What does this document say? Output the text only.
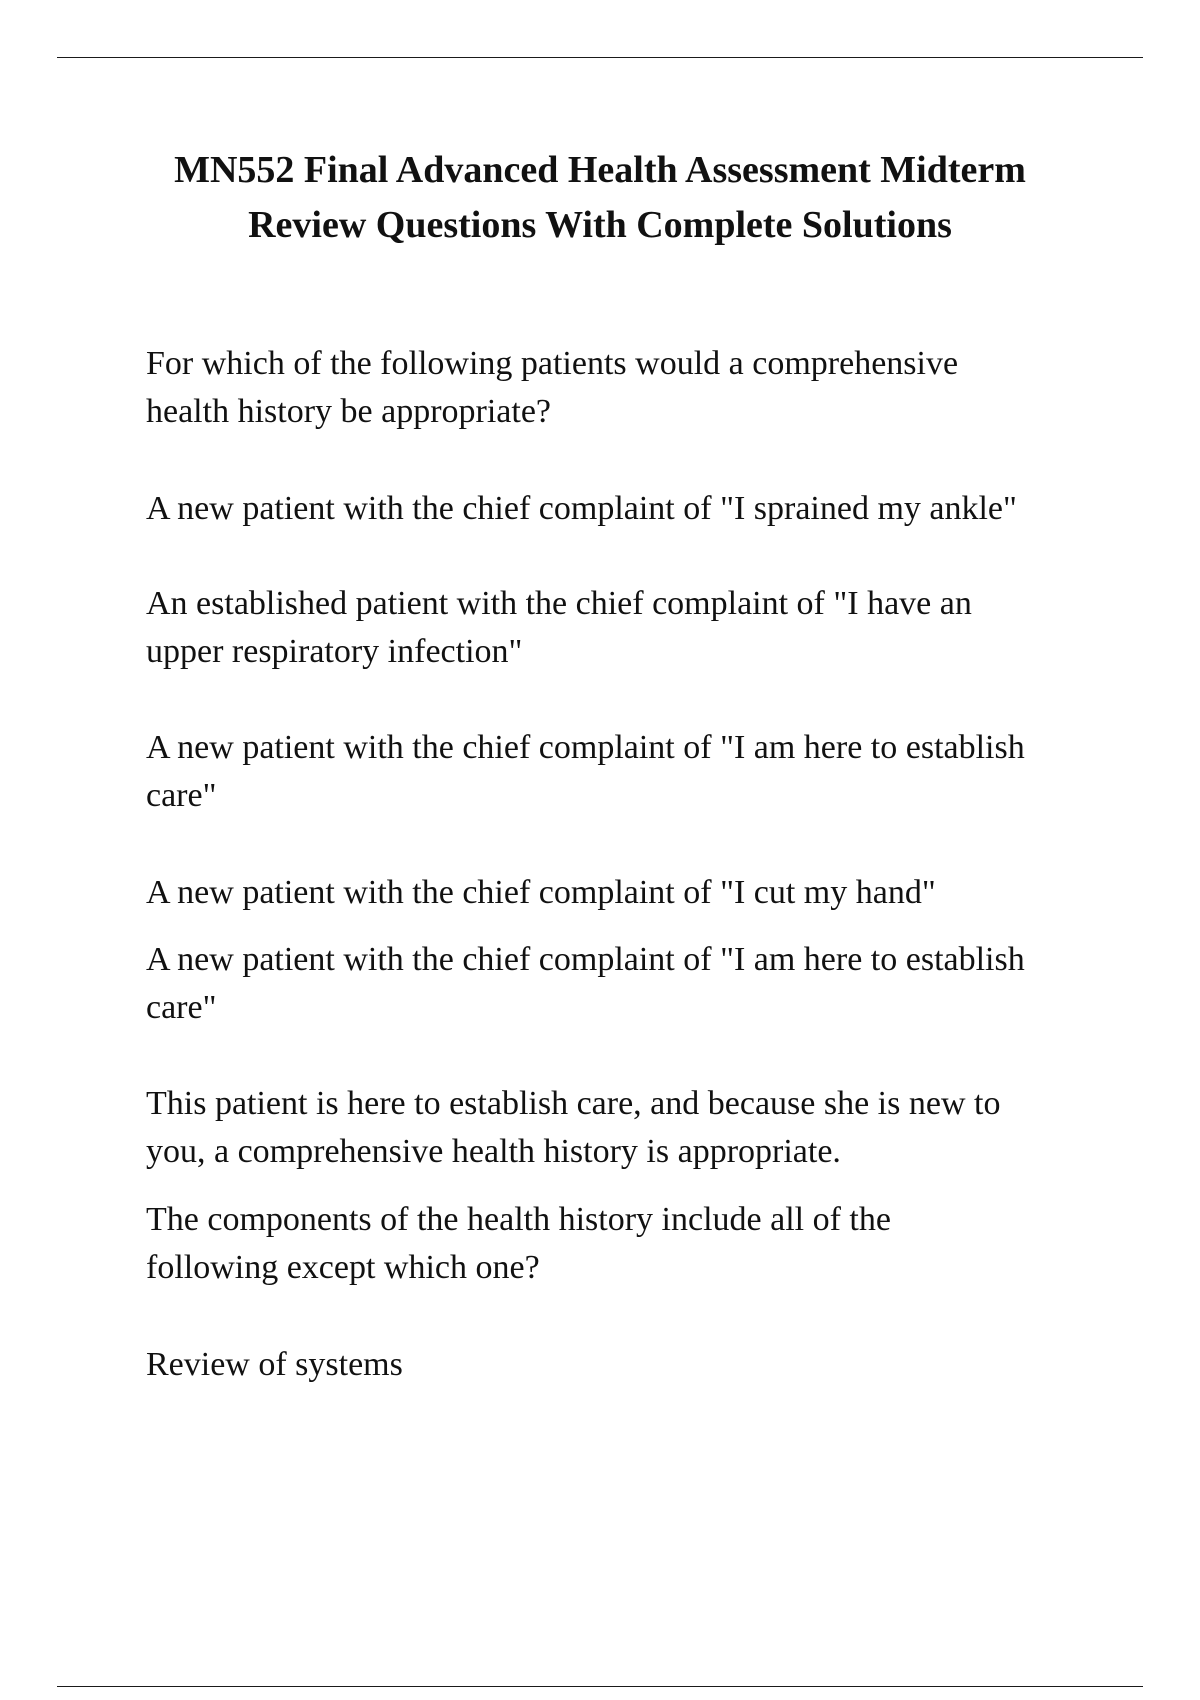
MN552 Final Advanced Health Assessment Midterm
Review Questions With Complete Solutions

For which of the following patients would a comprehensive
health history be appropriate?

A new patient with the chief complaint of "I sprained my ankle"

An established patient with the chief complaint of "I have an
upper respiratory infection"

A new patient with the chief complaint of "I am here to establish
care"

A new patient with the chief complaint of "I cut my hand"

A new patient with the chief complaint of "I am here to establish
care"

This patient is here to establish care, and because she is new to
you, a comprehensive health history is appropriate.

The components of the health history include all of the
following except which one?

Review of systems
